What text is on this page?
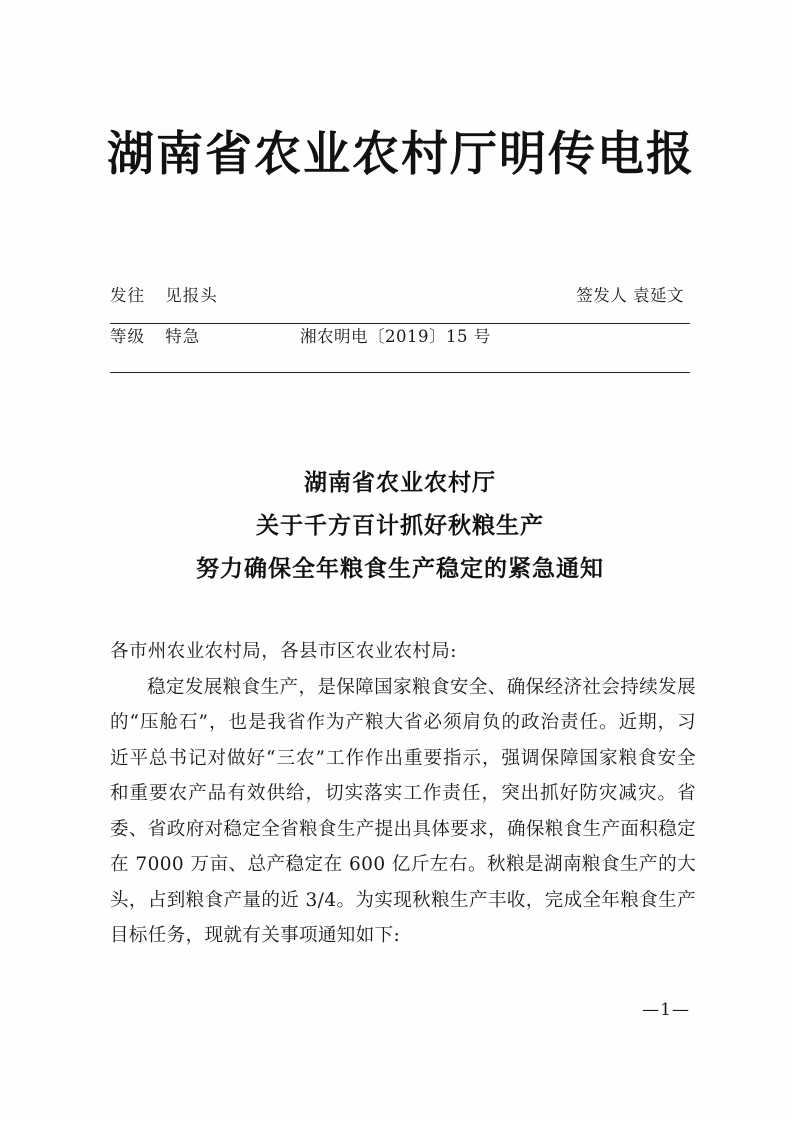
湖南省农业农村厅明传电报
发往 见报头	签发人 袁延文
等级 特急	湘农明电〔2019〕15 号
湖南省农业农村厅
关于千方百计抓好秋粮生产
努力确保全年粮食生产稳定的紧急通知

各市州农业农村局，各县市区农业农村局:

稳定发展粮食生产，是保障国家粮食安全、确保经济社会持续发展的“压舱石”，也是我省作为产粮大省必须肩负的政治责任。近期，习近平总书记对做好“三农”工作作出重要指示，强调保障国家粮食安全和重要农产品有效供给，切实落实工作责任，突出抓好防灾减灾。省委、省政府对稳定全省粮食生产提出具体要求，确保粮食生产面积稳定在 7000 万亩、总产稳定在 600 亿斤左右。秋粮是湖南粮食生产的大头，占到粮食产量的近 3/4。为实现秋粮生产丰收，完成全年粮食生产目标任务，现就有关事项通知如下:

—1—
